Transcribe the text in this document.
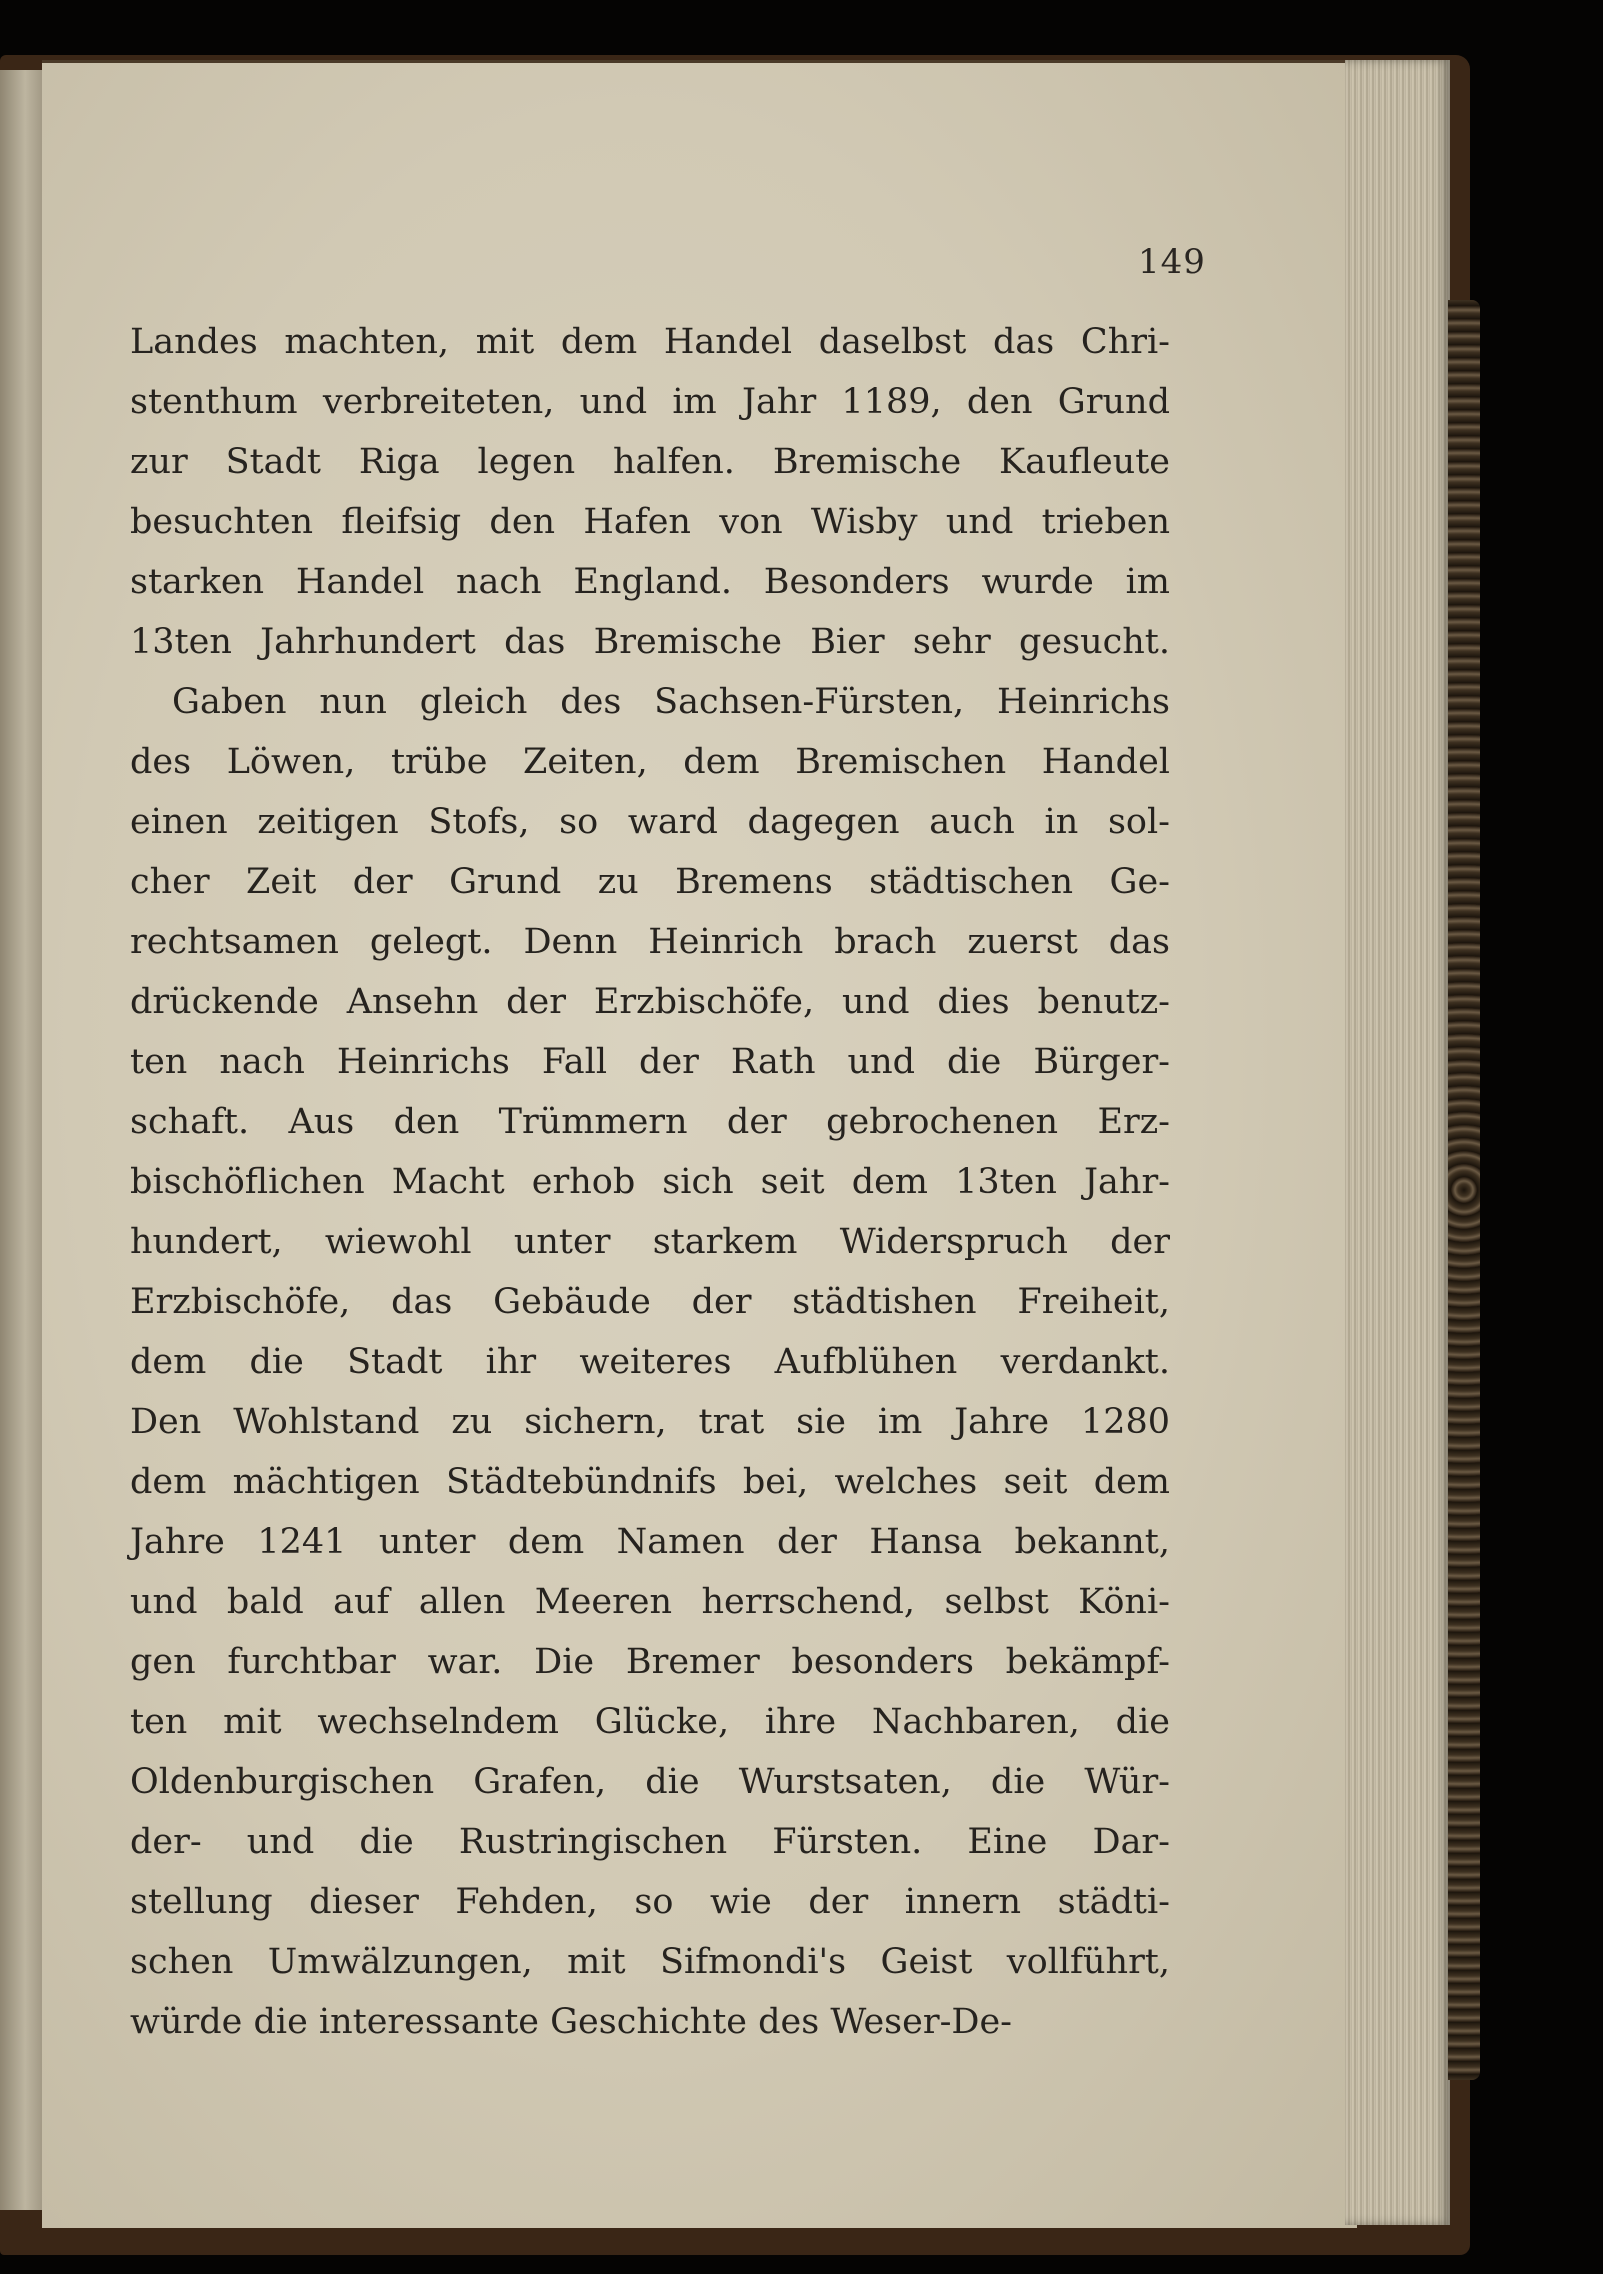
149
Landes machten, mit dem Handel daselbst das Chri-
stenthum verbreiteten, und im Jahr 1189, den Grund
zur Stadt Riga legen halfen. Bremische Kaufleute
besuchten fleifsig den Hafen von Wisby und trieben
starken Handel nach England. Besonders wurde im
13ten Jahrhundert das Bremische Bier sehr gesucht.
Gaben nun gleich des Sachsen-Fürsten, Heinrichs
des Löwen, trübe Zeiten, dem Bremischen Handel
einen zeitigen Stofs, so ward dagegen auch in sol-
cher Zeit der Grund zu Bremens städtischen Ge-
rechtsamen gelegt. Denn Heinrich brach zuerst das
drückende Ansehn der Erzbischöfe, und dies benutz-
ten nach Heinrichs Fall der Rath und die Bürger-
schaft. Aus den Trümmern der gebrochenen Erz-
bischöflichen Macht erhob sich seit dem 13ten Jahr-
hundert, wiewohl unter starkem Widerspruch der
Erzbischöfe, das Gebäude der städtishen Freiheit,
dem die Stadt ihr weiteres Aufblühen verdankt.
Den Wohlstand zu sichern, trat sie im Jahre 1280
dem mächtigen Städtebündnifs bei, welches seit dem
Jahre 1241 unter dem Namen der Hansa bekannt,
und bald auf allen Meeren herrschend, selbst Köni-
gen furchtbar war. Die Bremer besonders bekämpf-
ten mit wechselndem Glücke, ihre Nachbaren, die
Oldenburgischen Grafen, die Wurstsaten, die Wür-
der- und die Rustringischen Fürsten. Eine Dar-
stellung dieser Fehden, so wie der innern städti-
schen Umwälzungen, mit Sifmondi's Geist vollführt,
würde die interessante Geschichte des Weser-De-
